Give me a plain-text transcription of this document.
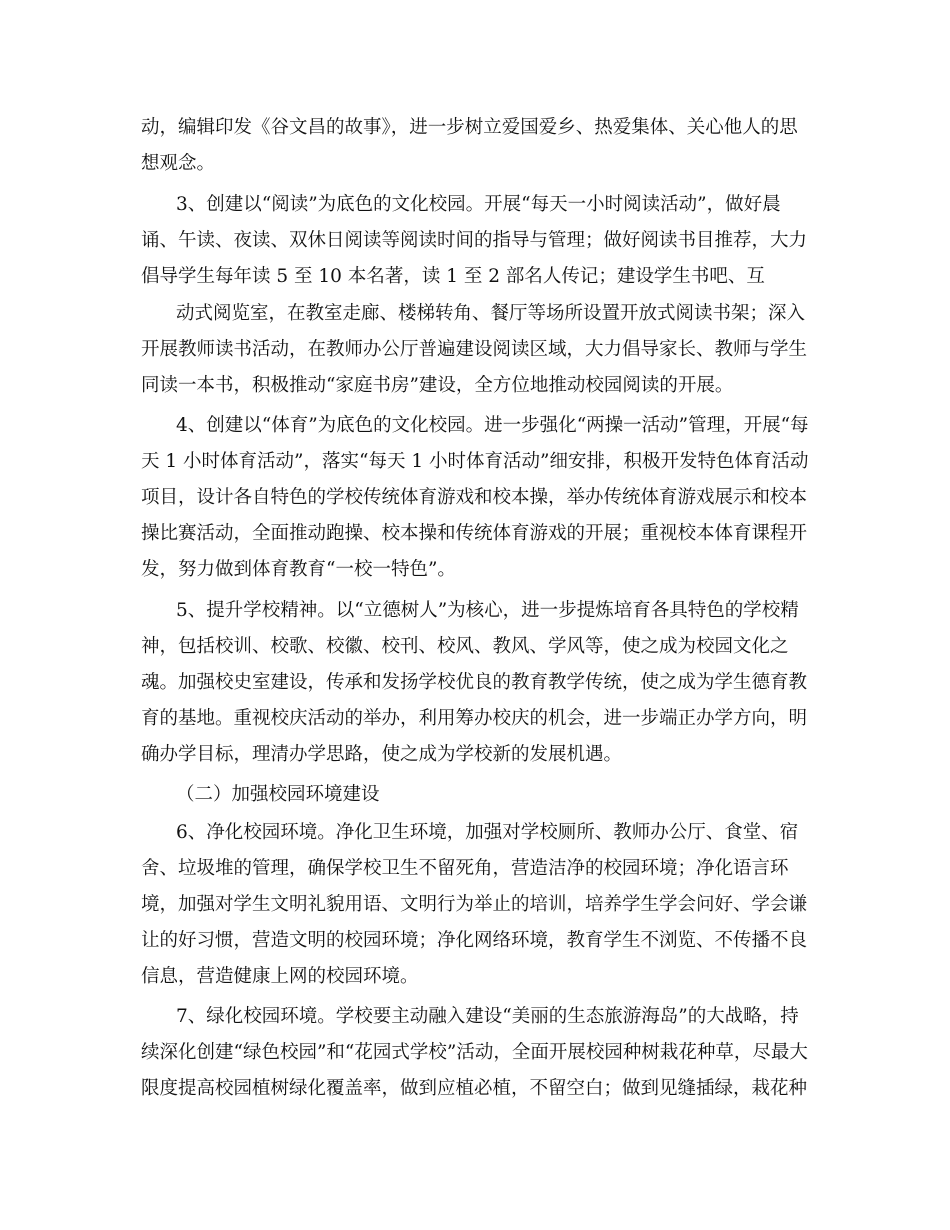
动，编辑印发《谷文昌的故事》，进一步树立爱国爱乡、热爱集体、关心他人的思
想观念。
3、创建以“阅读”为底色的文化校园。开展“每天一小时阅读活动”，做好晨
诵、午读、夜读、双休日阅读等阅读时间的指导与管理；做好阅读书目推荐，大力
倡导学生每年读 5 至 10 本名著，读 1 至 2 部名人传记；建设学生书吧、互
动式阅览室，在教室走廊、楼梯转角、餐厅等场所设置开放式阅读书架；深入
开展教师读书活动，在教师办公厅普遍建设阅读区域，大力倡导家长、教师与学生
同读一本书，积极推动“家庭书房”建设，全方位地推动校园阅读的开展。
4、创建以“体育”为底色的文化校园。进一步强化“两操一活动”管理，开展“每
天 1 小时体育活动”，落实“每天 1 小时体育活动”细安排，积极开发特色体育活动
项目，设计各自特色的学校传统体育游戏和校本操，举办传统体育游戏展示和校本
操比赛活动，全面推动跑操、校本操和传统体育游戏的开展；重视校本体育课程开
发，努力做到体育教育“一校一特色”。
5、提升学校精神。以“立德树人”为核心，进一步提炼培育各具特色的学校精
神，包括校训、校歌、校徽、校刊、校风、教风、学风等，使之成为校园文化之
魂。加强校史室建设，传承和发扬学校优良的教育教学传统，使之成为学生德育教
育的基地。重视校庆活动的举办，利用筹办校庆的机会，进一步端正办学方向，明
确办学目标，理清办学思路，使之成为学校新的发展机遇。
（二）加强校园环境建设
6、净化校园环境。净化卫生环境，加强对学校厕所、教师办公厅、食堂、宿
舍、垃圾堆的管理，确保学校卫生不留死角，营造洁净的校园环境；净化语言环
境，加强对学生文明礼貌用语、文明行为举止的培训，培养学生学会问好、学会谦
让的好习惯，营造文明的校园环境；净化网络环境，教育学生不浏览、不传播不良
信息，营造健康上网的校园环境。
7、绿化校园环境。学校要主动融入建设“美丽的生态旅游海岛”的大战略，持
续深化创建“绿色校园”和“花园式学校”活动，全面开展校园种树栽花种草，尽最大
限度提高校园植树绿化覆盖率，做到应植必植，不留空白；做到见缝插绿，栽花种
